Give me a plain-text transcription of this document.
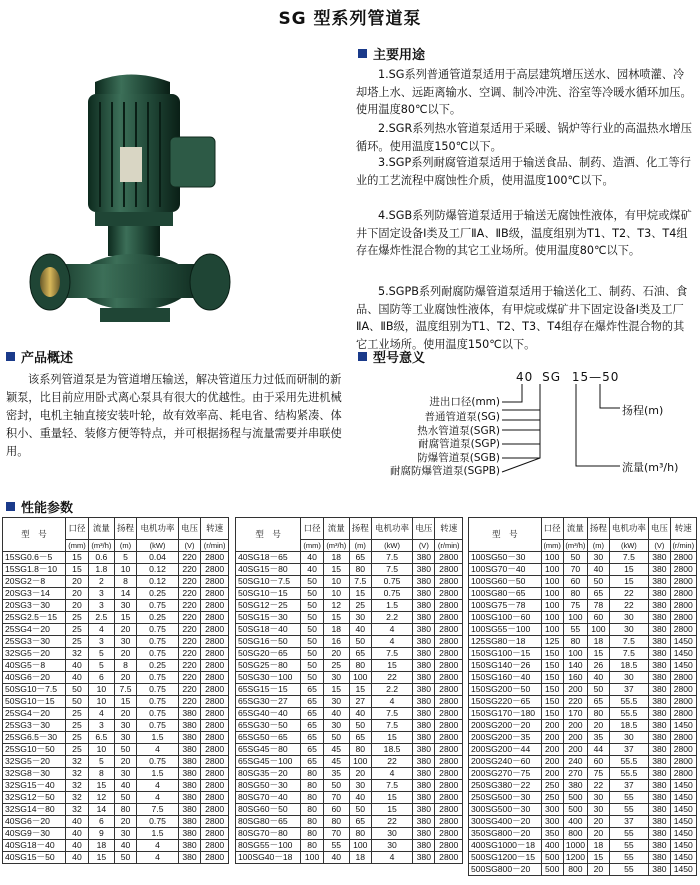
SG 型系列管道泵
主要用途
1.SG系列普通管道泵适用于高层建筑增压送水、园林喷灌、冷却塔上水、远距离输水、空调、制冷冲洗、浴室等冷暖水循环加压。使用温度80℃以下。
2.SGR系列热水管道泵适用于采暖、锅炉等行业的高温热水增压循环。使用温度150℃以下。
3.SGP系列耐腐管道泵适用于输送食品、制药、造酒、化工等行业的工艺流程中腐蚀性介质，使用温度100℃以下。
4.SGB系列防爆管道泵适用于输送无腐蚀性液体，有甲烷或煤矿井下固定设备Ⅰ类及工厂ⅡA、ⅡB级，温度组别为T1、T2、T3、T4组存在爆炸性混合物的其它工业场所。使用温度80℃以下。
5.SGPB系列耐腐防爆管道泵适用于输送化工、制药、石油、食品、国防等工业腐蚀性液体，有甲烷或煤矿井下固定设备Ⅰ类及工厂ⅡA、ⅡB级，温度组别为T1、T2、T3、T4组存在爆炸性混合物的其它工业场所。使用温度150℃以下。
产品概述
该系列管道泵是为管道增压输送，解决管道压力过低而研制的新颖泵，比目前应用卧式离心泵具有很大的优越性。由于采用先进机械密封，电机主轴直接安装叶轮，故有效率高、耗电省、结构紧凑、体积小、重量轻、装修方便等特点，并可根据扬程与流量需要并串联使用。
型号意义
40 SG 15—50
进出口径(mm)
普通管道泵(SG)
热水管道泵(SGR)
耐腐管道泵(SGP)
防爆管道泵(SGB)
耐腐防爆管道泵(SGPB)
扬程(m)
流量(m³/h)
性能参数
型　号	口径	流量	扬程	电机功率	电压	转速
	(mm)	(m³/h)	(m)	(kW)	(V)	(r/min)
15SG0.6－5	15	0.6	5	0.04	220	2800
15SG1.8－10	15	1.8	10	0.12	220	2800
20SG2－8	20	2	8	0.12	220	2800
20SG3－14	20	3	14	0.25	220	2800
20SG3－30	20	3	30	0.75	220	2800
25SG2.5－15	25	2.5	15	0.25	220	2800
25SG4－20	25	4	20	0.75	220	2800
25SG3－30	25	3	30	0.75	220	2800
32SG5－20	32	5	20	0.75	220	2800
40SG5－8	40	5	8	0.25	220	2800
40SG6－20	40	6	20	0.75	220	2800
50SG10－7.5	50	10	7.5	0.75	220	2800
50SG10－15	50	10	15	0.75	220	2800
25SG4－20	25	4	20	0.75	380	2800
25SG3－30	25	3	30	0.75	380	2800
25SG6.5－30	25	6.5	30	1.5	380	2800
25SG10－50	25	10	50	4	380	2800
32SG5－20	32	5	20	0.75	380	2800
32SG8－30	32	8	30	1.5	380	2800
32SG15－40	32	15	40	4	380	2800
32SG12－50	32	12	50	4	380	2800
32SG14－80	32	14	80	7.5	380	2800
40SG6－20	40	6	20	0.75	380	2800
40SG9－30	40	9	30	1.5	380	2800
40SG18－40	40	18	40	4	380	2800
40SG15－50	40	15	50	4	380	2800
型　号	口径	流量	扬程	电机功率	电压	转速
	(mm)	(m³/h)	(m)	(kW)	(V)	(r/min)
40SG18－65	40	18	65	7.5	380	2800
40SG15－80	40	15	80	7.5	380	2800
50SG10－7.5	50	10	7.5	0.75	380	2800
50SG10－15	50	10	15	0.75	380	2800
50SG12－25	50	12	25	1.5	380	2800
50SG15－30	50	15	30	2.2	380	2800
50SG18－40	50	18	40	4	380	2800
50SG16－50	50	16	50	4	380	2800
50SG20－65	50	20	65	7.5	380	2800
50SG25－80	50	25	80	15	380	2800
50SG30－100	50	30	100	22	380	2800
65SG15－15	65	15	15	2.2	380	2800
65SG30－27	65	30	27	4	380	2800
65SG40－40	65	40	40	7.5	380	2800
65SG30－50	65	30	50	7.5	380	2800
65SG50－65	65	50	65	15	380	2800
65SG45－80	65	45	80	18.5	380	2800
65SG45－100	65	45	100	22	380	2800
80SG35－20	80	35	20	4	380	2800
80SG50－30	80	50	30	7.5	380	2800
80SG70－40	80	70	40	15	380	2800
80SG60－50	80	60	50	15	380	2800
80SG80－65	80	80	65	22	380	2800
80SG70－80	80	70	80	30	380	2800
80SG55－100	80	55	100	30	380	2800
100SG40－18	100	40	18	4	380	2800
型　号	口径	流量	扬程	电机功率	电压	转速
	(mm)	(m³/h)	(m)	(kW)	(V)	(r/min)
100SG50－30	100	50	30	7.5	380	2800
100SG70－40	100	70	40	15	380	2800
100SG60－50	100	60	50	15	380	2800
100SG80－65	100	80	65	22	380	2800
100SG75－78	100	75	78	22	380	2800
100SG100－60	100	100	60	30	380	2800
100SG55－100	100	55	100	30	380	2800
125SG80－18	125	80	18	7.5	380	1450
150SG100－15	150	100	15	7.5	380	1450
150SG140－26	150	140	26	18.5	380	1450
150SG160－40	150	160	40	30	380	2800
150SG200－50	150	200	50	37	380	2800
150SG220－65	150	220	65	55.5	380	2800
150SG170－180	150	170	80	55.5	380	2800
200SG200－20	200	200	20	18.5	380	1450
200SG200－35	200	200	35	30	380	2800
200SG200－44	200	200	44	37	380	2800
200SG240－60	200	240	60	55.5	380	2800
200SG270－75	200	270	75	55.5	380	2800
250SG380－22	250	380	22	37	380	1450
250SG500－30	250	500	30	55	380	1450
300SG500－30	300	500	30	55	380	1450
300SG400－20	300	400	20	37	380	1450
350SG800－20	350	800	20	55	380	1450
400SG1000－18	400	1000	18	55	380	1450
500SG1200－15	500	1200	15	55	380	1450
500SG800－20	500	800	20	55	380	1450
